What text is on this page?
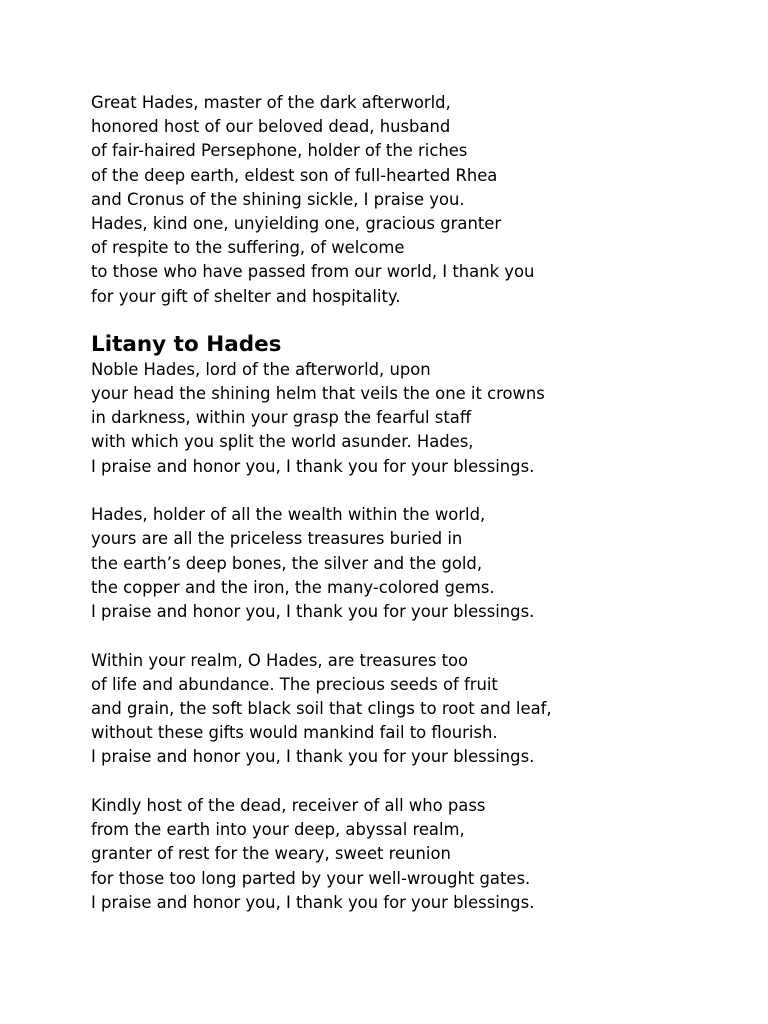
Great Hades, master of the dark afterworld,
honored host of our beloved dead, husband
of fair-haired Persephone, holder of the riches
of the deep earth, eldest son of full-hearted Rhea
and Cronus of the shining sickle, I praise you.
Hades, kind one, unyielding one, gracious granter
of respite to the suffering, of welcome
to those who have passed from our world, I thank you
for your gift of shelter and hospitality.
Litany to Hades
Noble Hades, lord of the afterworld, upon
your head the shining helm that veils the one it crowns
in darkness, within your grasp the fearful staff
with which you split the world asunder. Hades,
I praise and honor you, I thank you for your blessings.
Hades, holder of all the wealth within the world,
yours are all the priceless treasures buried in
the earth’s deep bones, the silver and the gold,
the copper and the iron, the many-colored gems.
I praise and honor you, I thank you for your blessings.
Within your realm, O Hades, are treasures too
of life and abundance. The precious seeds of fruit
and grain, the soft black soil that clings to root and leaf,
without these gifts would mankind fail to flourish.
I praise and honor you, I thank you for your blessings.
Kindly host of the dead, receiver of all who pass
from the earth into your deep, abyssal realm,
granter of rest for the weary, sweet reunion
for those too long parted by your well-wrought gates.
I praise and honor you, I thank you for your blessings.
